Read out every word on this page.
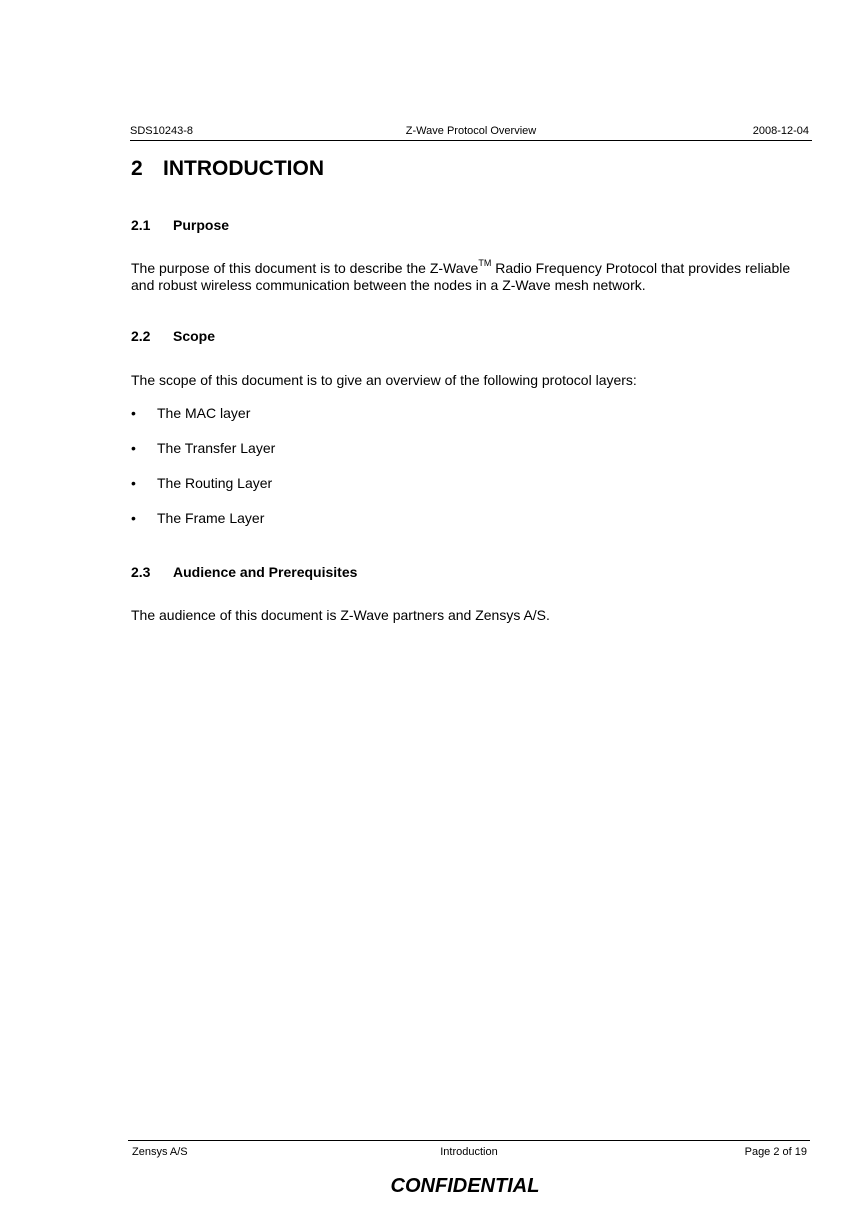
SDS10243-8	Z-Wave Protocol Overview	2008-12-04
2 INTRODUCTION
2.1 Purpose

The purpose of this document is to describe the Z-Wave™ Radio Frequency Protocol that provides reliable and robust wireless communication between the nodes in a Z-Wave mesh network.

2.2 Scope

The scope of this document is to give an overview of the following protocol layers:

• The MAC layer
• The Transfer Layer
• The Routing Layer
• The Frame Layer
2.3 Audience and Prerequisites

The audience of this document is Z-Wave partners and Zensys A/S.

Zensys A/S	Introduction	Page 2 of 19
CONFIDENTIAL
